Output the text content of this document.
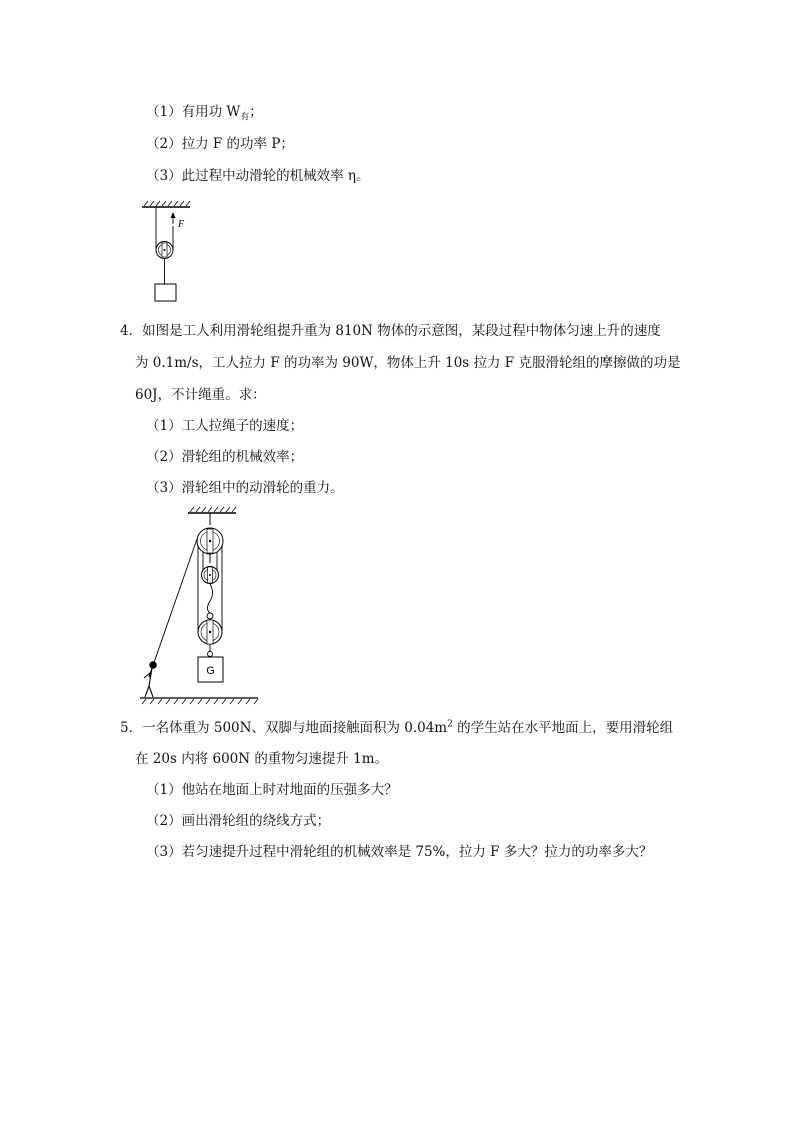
（1）有用功 $W_有$；
（2）拉力 F 的功率 P；
（3）此过程中动滑轮的机械效率 η。
F
4．如图是工人利用滑轮组提升重为 810N 物体的示意图，某段过程中物体匀速上升的速度
为 0.1m/s，工人拉力 F 的功率为 90W，物体上升 10s 拉力 F 克服滑轮组的摩擦做的功是
60J，不计绳重。求：
（1）工人拉绳子的速度；
（2）滑轮组的机械效率；
（3）滑轮组中的动滑轮的重力。
G
5．一名体重为 500N、双脚与地面接触面积为 $0.04m^2$ 的学生站在水平地面上，要用滑轮组
在 20s 内将 600N 的重物匀速提升 1m。
（1）他站在地面上时对地面的压强多大？
（2）画出滑轮组的绕线方式；
（3）若匀速提升过程中滑轮组的机械效率是 75%，拉力 F 多大？拉力的功率多大？
